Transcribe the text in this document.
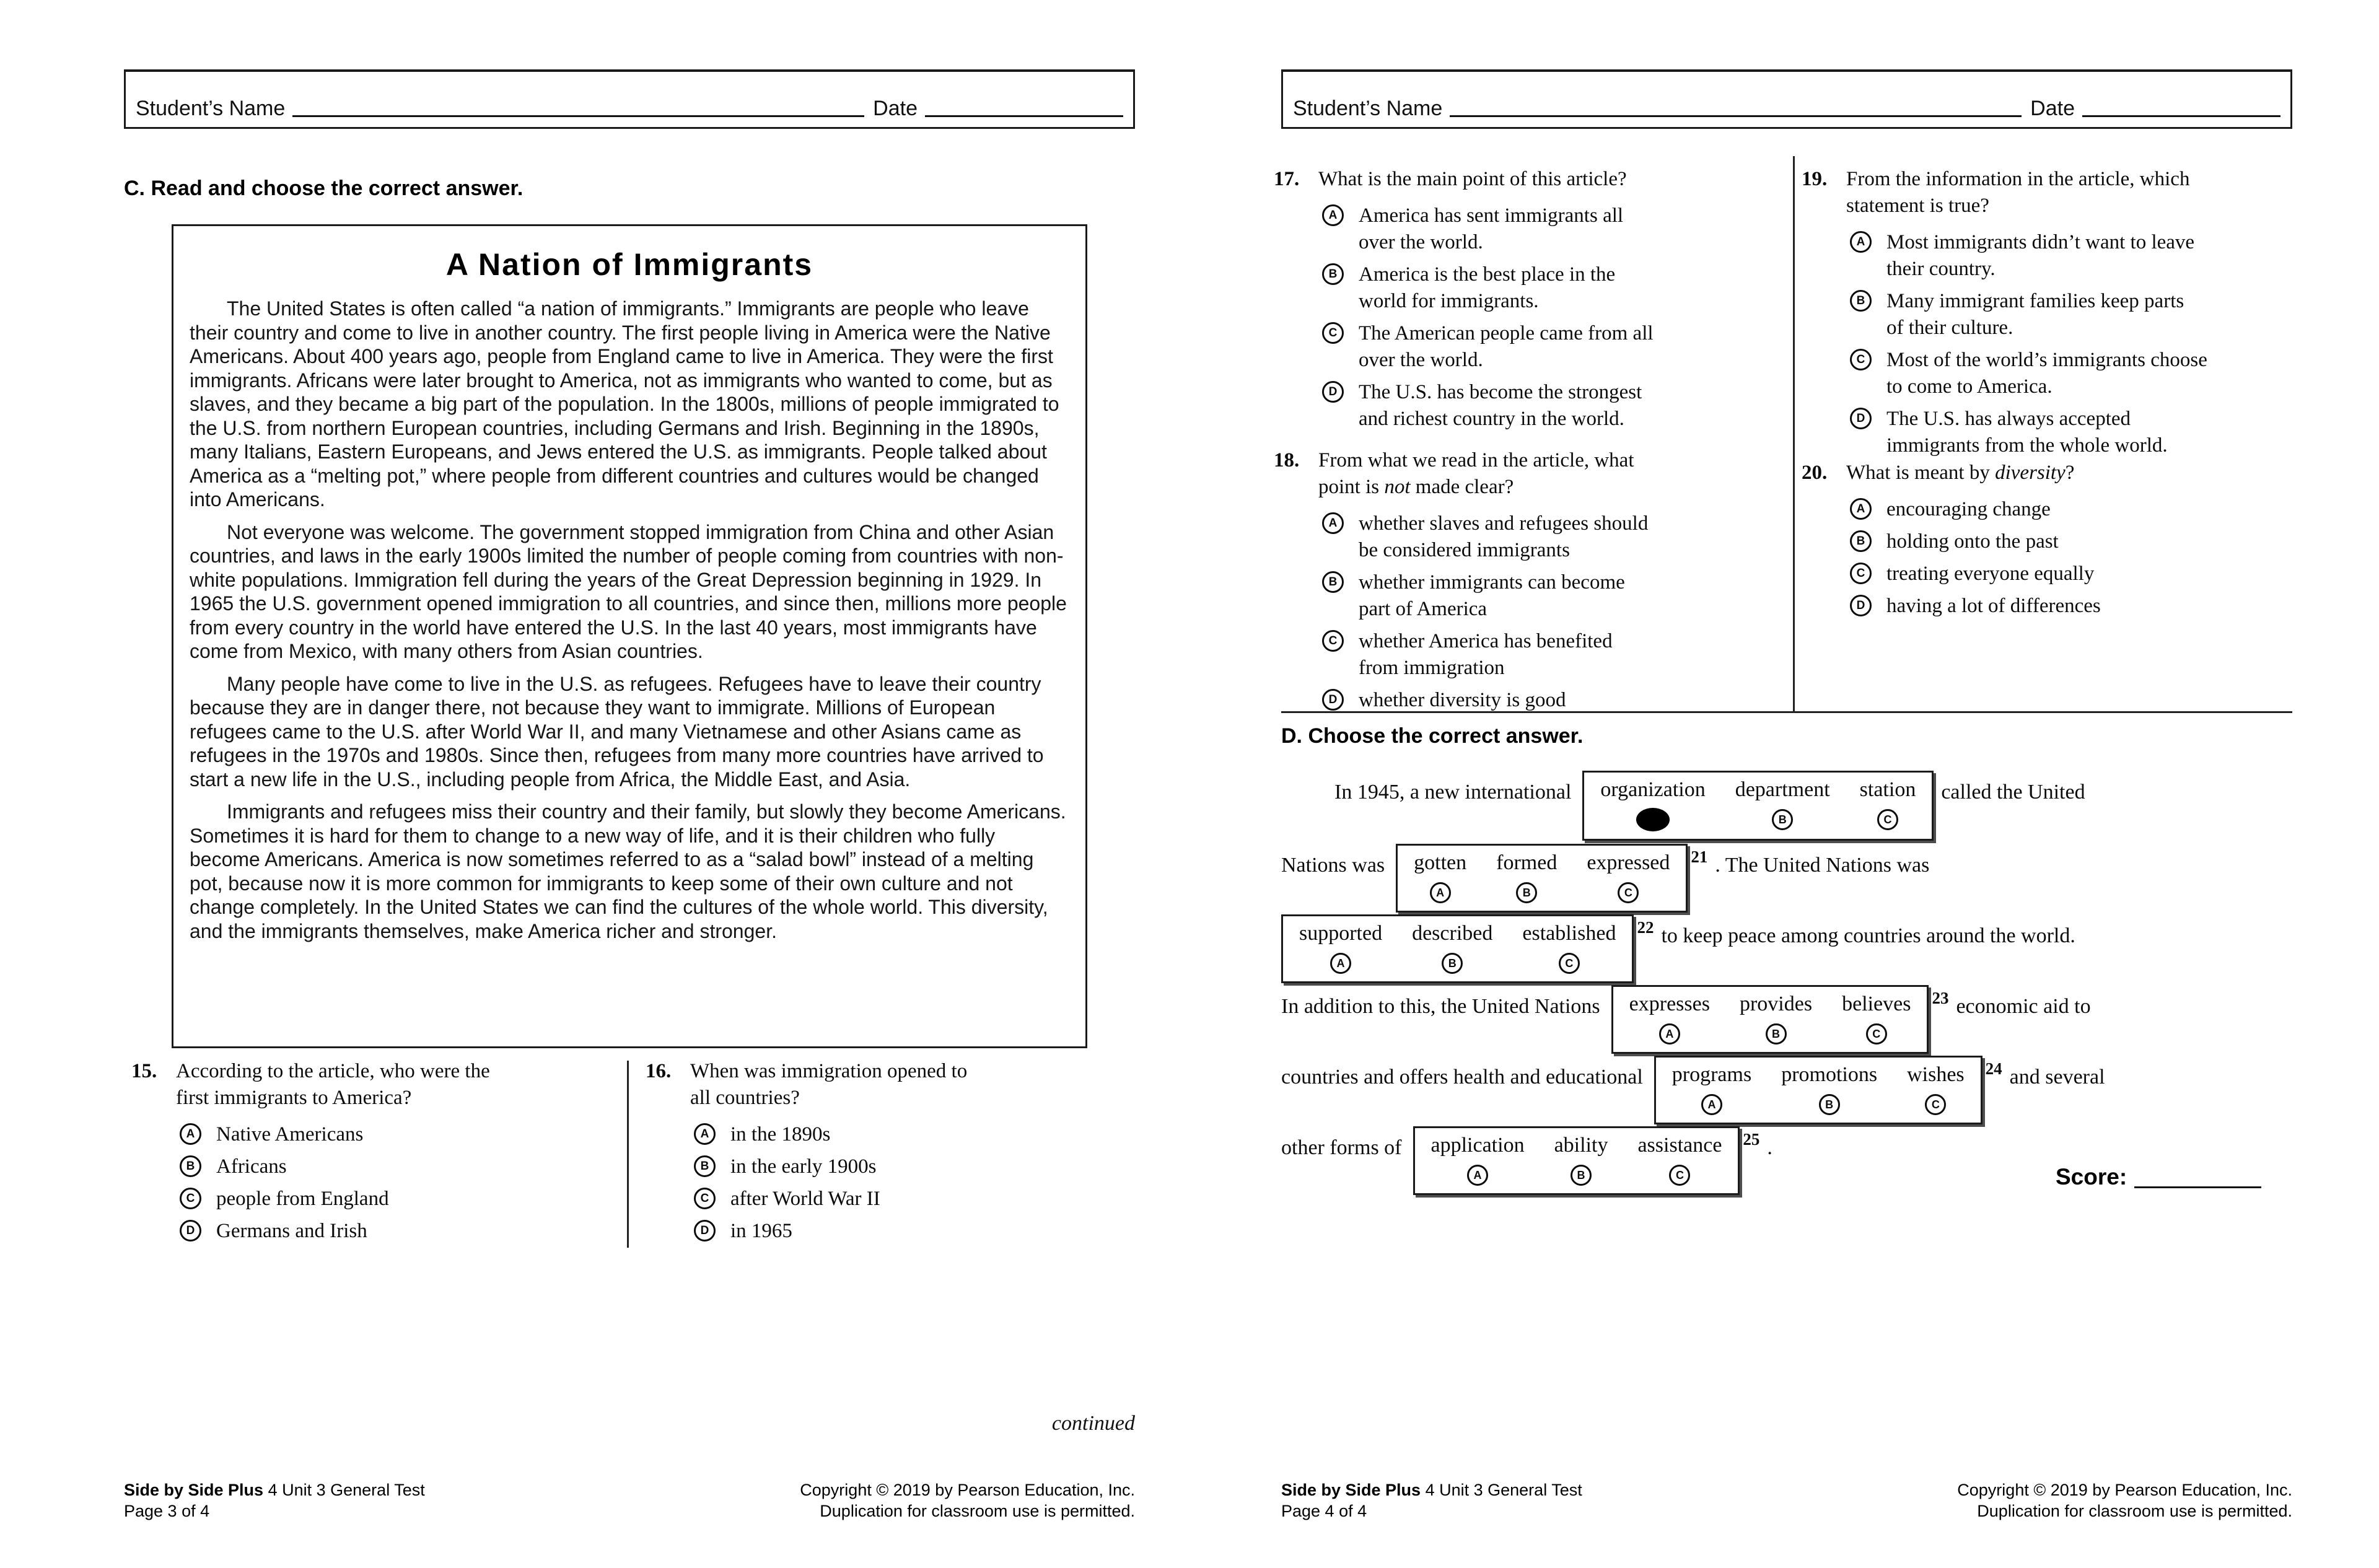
Student’s Name	Date
C. Read and choose the correct answer.
A Nation of Immigrants

The United States is often called “a nation of immigrants.” Immigrants are people who leave their country and come to live in another country. The first people living in America were the Native Americans. About 400 years ago, people from England came to live in America. They were the first immigrants. Africans were later brought to America, not as immigrants who wanted to come, but as slaves, and they became a big part of the population. In the 1800s, millions of people immigrated to the U.S. from northern European countries, including Germans and Irish. Beginning in the 1890s, many Italians, Eastern Europeans, and Jews entered the U.S. as immigrants. People talked about America as a “melting pot,” where people from different countries and cultures would be changed into Americans.

Not everyone was welcome. The government stopped immigration from China and other Asian countries, and laws in the early 1900s limited the number of people coming from countries with non-white populations. Immigration fell during the years of the Great Depression beginning in 1929. In 1965 the U.S. government opened immigration to all countries, and since then, millions more people from every country in the world have entered the U.S. In the last 40 years, most immigrants have come from Mexico, with many others from Asian countries.

Many people have come to live in the U.S. as refugees. Refugees have to leave their country because they are in danger there, not because they want to immigrate. Millions of European refugees came to the U.S. after World War II, and many Vietnamese and other Asians came as refugees in the 1970s and 1980s. Since then, refugees from many more countries have arrived to start a new life in the U.S., including people from Africa, the Middle East, and Asia.

Immigrants and refugees miss their country and their family, but slowly they become Americans. Sometimes it is hard for them to change to a new way of life, and it is their children who fully become Americans. America is now sometimes referred to as a “salad bowl” instead of a melting pot, because now it is more common for immigrants to keep some of their own culture and not change completely. In the United States we can find the cultures of the whole world. This diversity, and the immigrants themselves, make America richer and stronger.

15. According to the article, who were the
first immigrants to America?
A	Native Americans
B	Africans
C	people from England
D	Germans and Irish
16. When was immigration opened to
all countries?
A	in the 1890s
B	in the early 1900s
C	after World War II
D	in 1965
continued
Side by Side Plus 4 Unit 3 General Test
Page 3 of 4
Copyright © 2019 by Pearson Education, Inc.
Duplication for classroom use is permitted.
Student’s Name	Date
17. What is the main point of this article?
A	America has sent immigrants all
over the world.
B	America is the best place in the
world for immigrants.
C	The American people came from all
over the world.
D	The U.S. has become the strongest
and richest country in the world.
18. From what we read in the article, what
point is not made clear?
A	whether slaves and refugees should
be considered immigrants
B	whether immigrants can become
part of America
C	whether America has benefited
from immigration
D	whether diversity is good
19. From the information in the article, which
statement is true?
A	Most immigrants didn’t want to leave
their country.
B	Many immigrant families keep parts
of their culture.
C	Most of the world’s immigrants choose
to come to America.
D	The U.S. has always accepted
immigrants from the whole world.
20. What is meant by diversity?
A	encouraging change
B	holding onto the past
C	treating everyone equally
D	having a lot of differences
D. Choose the correct answer.
In 1945, a new international organization department
B
station
C
called the United
Nations was gotten
A
formed
B
expressed
C
21 . The United Nations was
supported
A
described
B
established
C
22 to keep peace among countries around the world.
In addition to this, the United Nations expresses
A
provides
B
believes
C
23 economic aid to
countries and offers health and educational programs
A
promotions
B
wishes
C
24 and several
other forms of application
A
ability
B
assistance
C
25 .
Score:
Side by Side Plus 4 Unit 3 General Test
Page 4 of 4
Copyright © 2019 by Pearson Education, Inc.
Duplication for classroom use is permitted.
